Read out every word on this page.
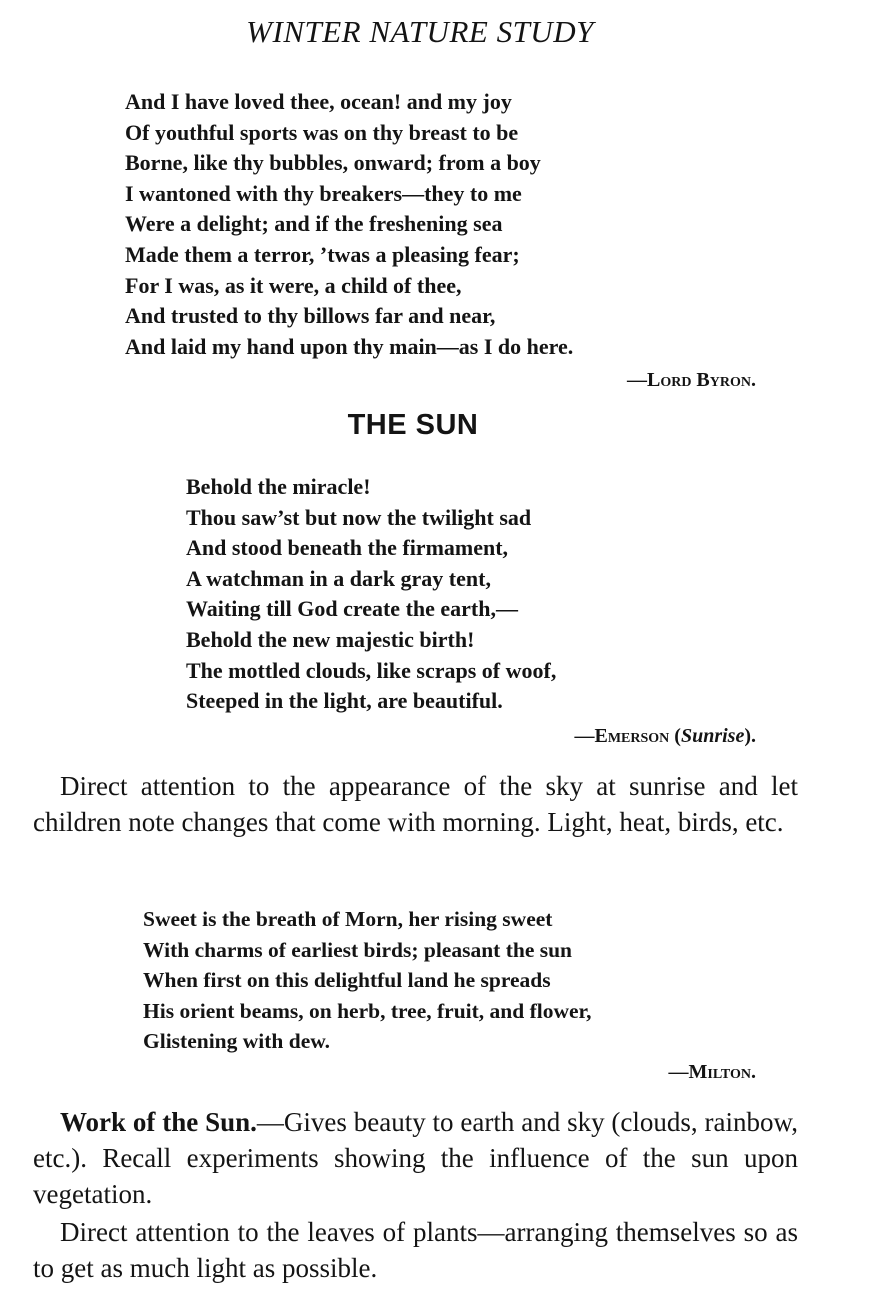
WINTER NATURE STUDY
And I have loved thee, ocean! and my joy
Of youthful sports was on thy breast to be
Borne, like thy bubbles, onward; from a boy
I wantoned with thy breakers—they to me
Were a delight; and if the freshening sea
Made them a terror, ’twas a pleasing fear;
For I was, as it were, a child of thee,
And trusted to thy billows far and near,
And laid my hand upon thy main—as I do here.
—Lord Byron.
THE SUN
Behold the miracle!
Thou saw’st but now the twilight sad
And stood beneath the firmament,
A watchman in a dark gray tent,
Waiting till God create the earth,—
Behold the new majestic birth!
The mottled clouds, like scraps of woof,
Steeped in the light, are beautiful.
—Emerson (Sunrise).

Direct attention to the appearance of the sky at sunrise and let children note changes that come with morning. Light, heat, birds, etc.

Sweet is the breath of Morn, her rising sweet
With charms of earliest birds; pleasant the sun
When first on this delightful land he spreads
His orient beams, on herb, tree, fruit, and flower,
Glistening with dew.
—Milton.

Work of the Sun.—Gives beauty to earth and sky (clouds, rainbow, etc.). Recall experiments showing the influence of the sun upon vegetation.

Direct attention to the leaves of plants—arranging themselves so as to get as much light as possible.
